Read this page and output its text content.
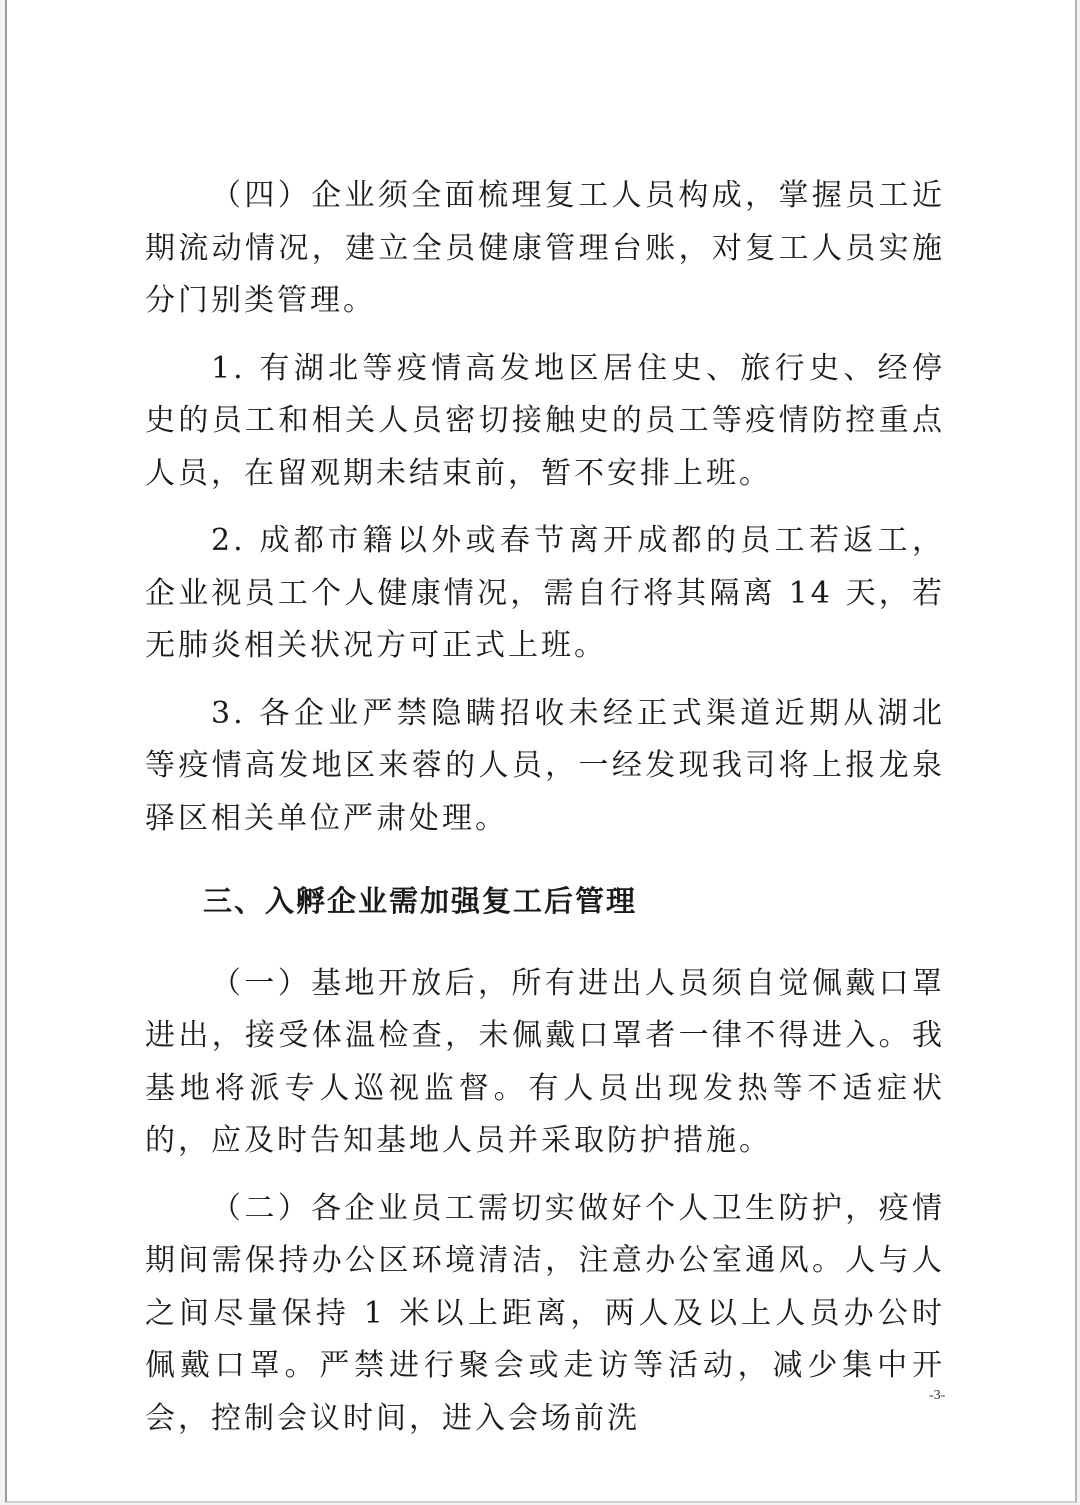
（四）企业须全面梳理复工人员构成，掌握员工近期流动情况，建立全员健康管理台账，对复工人员实施分门别类管理。

1. 有湖北等疫情高发地区居住史、旅行史、经停史的员工和相关人员密切接触史的员工等疫情防控重点人员，在留观期未结束前，暂不安排上班。

2. 成都市籍以外或春节离开成都的员工若返工，企业视员工个人健康情况，需自行将其隔离 14 天，若无肺炎相关状况方可正式上班。

3. 各企业严禁隐瞒招收未经正式渠道近期从湖北等疫情高发地区来蓉的人员，一经发现我司将上报龙泉驿区相关单位严肃处理。

三、入孵企业需加强复工后管理

（一）基地开放后，所有进出人员须自觉佩戴口罩进出，接受体温检查，未佩戴口罩者一律不得进入。我基地将派专人巡视监督。有人员出现发热等不适症状的，应及时告知基地人员并采取防护措施。

（二）各企业员工需切实做好个人卫生防护，疫情期间需保持办公区环境清洁，注意办公室通风。人与人之间尽量保持 1 米以上距离，两人及以上人员办公时佩戴口罩。严禁进行聚会或走访等活动，减少集中开会，控制会议时间，进入会场前洗

-3-
